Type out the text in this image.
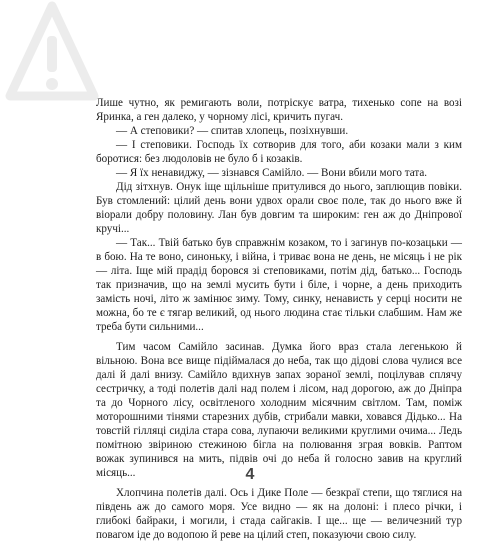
Лише чутно, як ремигають воли, потріскує ватра, тихенько сопе на возі Яринка, а ген далеко, у чорному лісі, кричить пугач.

— А степовики? — спитав хлопець, позіхнувши.

— І степовики. Господь їх сотворив для того, аби козаки мали з ким боротися: без людоловів не було б і козаків.

— Я їх ненавиджу, — зізнався Самійло. — Вони вбили мого тата.

Дід зітхнув. Онук іще щільніше притулився до нього, заплющив повіки. Був стомлений: цілий день вони удвох орали своє поле, так до нього вже й вiорали добру половину. Лан був довгим та широким: ген аж до Дніпрової кручі...

— Так... Твій батько був справжнім козаком, то і загинув по-козацьки — в бою. На те воно, синоньку, і війна, і триває вона не день, не місяць і не рік — літа. Іще мій прадід боровся зі степовиками, потім дід, батько... Господь так призначив, що на землі мусить бути і біле, і чорне, а день приходить замість ночі, літо ж замінює зиму. Тому, синку, ненависть у серці носити не можна, бо те є тягар великий, од нього людина стає тільки слабшим. Нам же треба бути сильними...

Тим часом Самійло засинав. Думка його враз стала легенькою й вільною. Вона все вище підіймалася до неба, так що дідові слова чулися все далі й далі внизу. Самійло вдихнув запах зораної землі, поцілував сплячу сестричку, а тоді полетів далі над полем і лісом, над дорогою, аж до Дніпра та до Чорного лісу, освітленого холодним місячним світлом. Там, поміж моторошними тінями старезних дубів, стрибали мавки, ховався Дідько... На товстій гілляці сиділа стара сова, лупаючи великими круглими очима... Ледь помітною звіриною стежиною бігла на полювання зграя вовків. Раптом вожак зупинився на мить, підвів очі до неба й голосно завив на круглий місяць...

Хлопчина полетів далі. Ось і Дике Поле — безкраї степи, що тяглися на південь аж до самого моря. Усе видно — як на долоні: і плесо річки, і глибокі байраки, і могили, і стада сайгаків. І ще... ще — величезний тур повагом іде до водопою й реве на цілий степ, показуючи свою силу.

4
